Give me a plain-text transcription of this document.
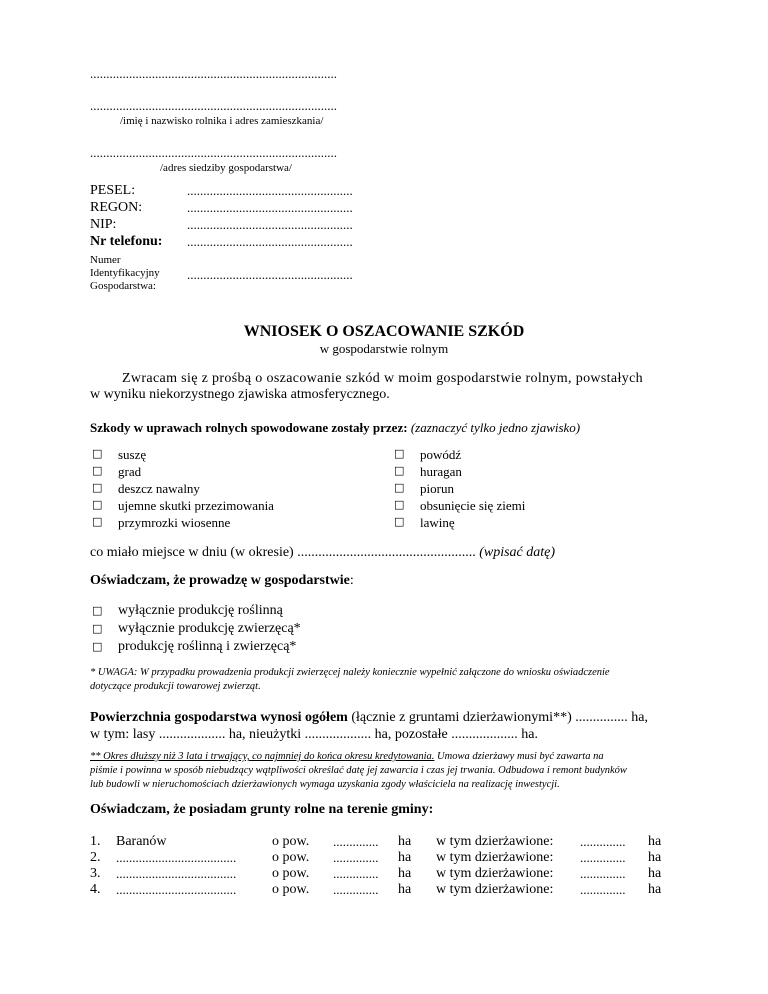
............................................................................
............................................................................
/imię i nazwisko rolnika i adres zamieszkania/
............................................................................
/adres siedziby gospodarstwa/
PESEL:	...................................................
REGON:	...................................................
NIP:	...................................................
Nr telefonu: ...................................................
Numer
Identyfikacyjny
Gospodarstwa:
...................................................
WNIOSEK O OSZACOWANIE SZKÓD
w gospodarstwie rolnym
Zwracam się z prośbą o oszacowanie szkód w moim gospodarstwie rolnym, powstałych
w wyniku niekorzystnego zjawiska atmosferycznego.
Szkody w uprawach rolnych spowodowane zostały przez: (zaznaczyć tylko jedno zjawisko)
□ suszę
□ grad
□ deszcz nawalny
□ ujemne skutki przezimowania
□ przymrozki wiosenne
□ powódź
□ huragan
□ piorun
□ obsunięcie się ziemi
□ lawinę
co miało miejsce w dniu (w okresie) ................................................... (wpisać datę)
Oświadczam, że prowadzę w gospodarstwie:
□ wyłącznie produkcję roślinną
□ wyłącznie produkcję zwierzęcą*
□ produkcję roślinną i zwierzęcą*
* UWAGA: W przypadku prowadzenia produkcji zwierzęcej należy koniecznie wypełnić załączone do wniosku oświadczenie
dotyczące produkcji towarowej zwierząt.
Powierzchnia gospodarstwa wynosi ogółem (łącznie z gruntami dzierżawionymi**) ............... ha,
w tym: lasy ................... ha, nieużytki ................... ha, pozostałe ................... ha.
** Okres dłuższy niż 3 lata i trwający, co najmniej do końca okresu kredytowania. Umowa dzierżawy musi być zawarta na
piśmie i powinna w sposób niebudzący wątpliwości określać datę jej zawarcia i czas jej trwania. Odbudowa i remont budynków
lub budowli w nieruchomościach dzierżawionych wymaga uzyskania zgody właściciela na realizację inwestycji.
Oświadczam, że posiadam grunty rolne na terenie gminy:
1. Baranów	o pow. .............. ha w tym dzierżawione: .............. ha
2. .....................................	o pow. .............. ha w tym dzierżawione: .............. ha
3. .....................................	o pow. .............. ha w tym dzierżawione: .............. ha
4. .....................................	o pow. .............. ha w tym dzierżawione: .............. ha
